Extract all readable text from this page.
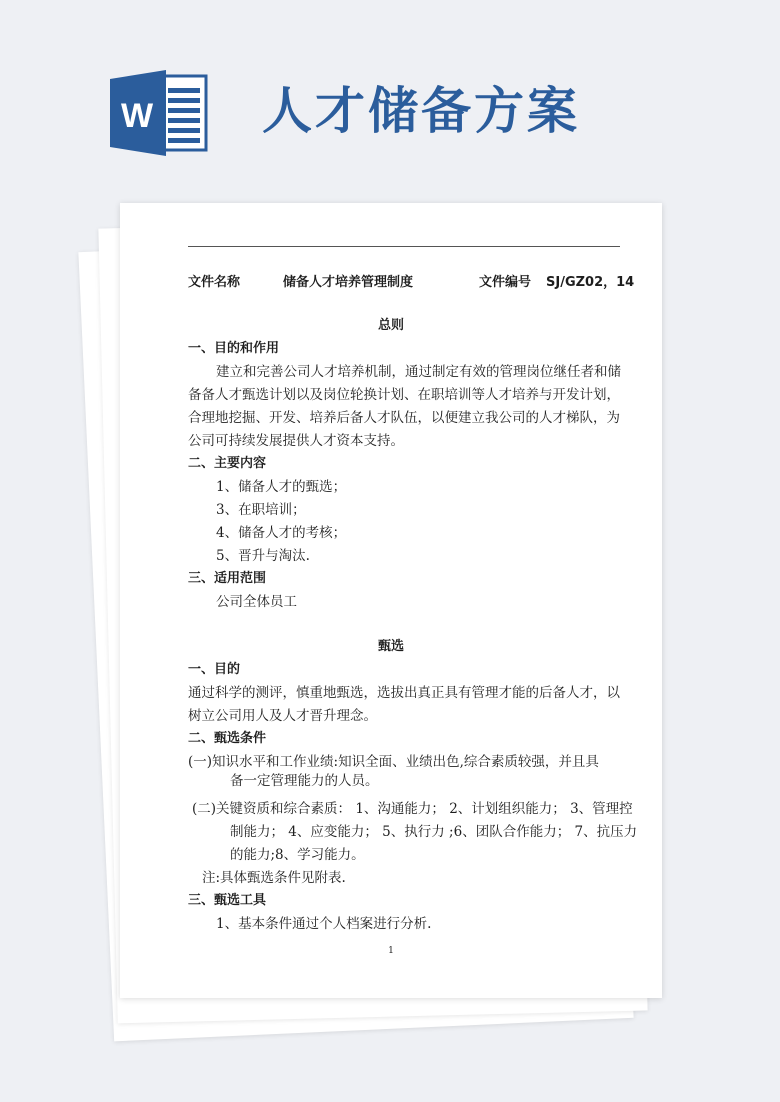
W 人才储备方案
文件名称	储备人才培养管理制度	文件编号 SJ/GZ02，14
总则
一、目的和作用
建立和完善公司人才培养机制，通过制定有效的管理岗位继任者和储
备备人才甄选计划以及岗位轮换计划、在职培训等人才培养与开发计划，
合理地挖掘、开发、培养后备人才队伍，以便建立我公司的人才梯队，为
公司可持续发展提供人才资本支持。
二、主要内容
1、储备人才的甄选；
3、在职培训；
4、储备人才的考核；
5、晋升与淘汰.
三、适用范围
公司全体员工
甄选
一、目的
通过科学的测评，慎重地甄选，选拔出真正具有管理才能的后备人才，以
树立公司用人及人才晋升理念。
二、甄选条件
(一)知识水平和工作业绩:知识全面、业绩出色,综合素质较强，并且具
备一定管理能力的人员。
(二)关键资质和综合素质： 1、沟通能力； 2、计划组织能力； 3、管理控
制能力； 4、应变能力； 5、执行力 ;6、团队合作能力； 7、抗压力
的能力;8、学习能力。
注:具体甄选条件见附表.
三、甄选工具
1、基本条件通过个人档案进行分析.
1
